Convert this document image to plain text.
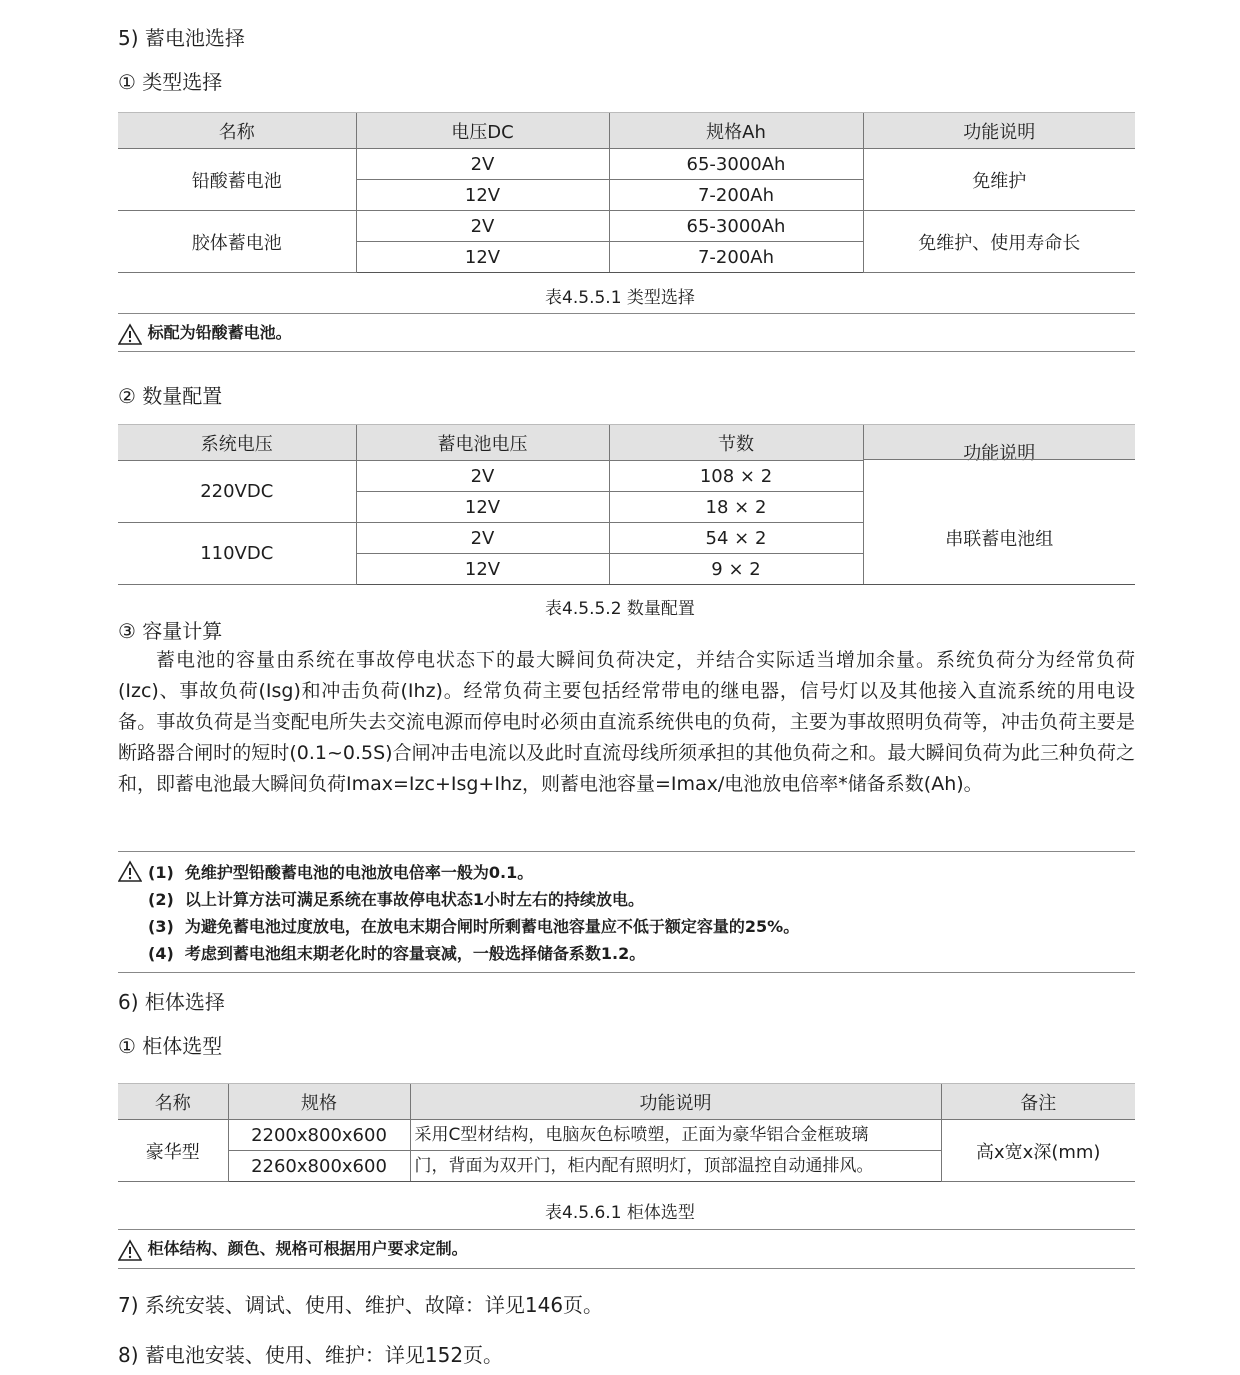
5) 蓄电池选择
① 类型选择
名称	电压DC	规格Ah	功能说明
铅酸蓄电池	2V	65-3000Ah	免维护
	12V	7-200Ah	
胶体蓄电池	2V	65-3000Ah	免维护、使用寿命长
	12V	7-200Ah	
表4.5.5.1 类型选择
标配为铅酸蓄电池。
② 数量配置
系统电压	蓄电池电压	节数	功能说明
串联蓄电池组

220VDC	2V	108 × 2	
	12V	18 × 2	
110VDC	2V	54 × 2	
	12V	9 × 2	
表4.5.5.2 数量配置
③ 容量计算
蓄电池的容量由系统在事故停电状态下的最大瞬间负荷决定，并结合实际适当增加余量。系统负荷分为经常负荷(Izc)、事故负荷(Isg)和冲击负荷(Ihz)。经常负荷主要包括经常带电的继电器，信号灯以及其他接入直流系统的用电设备。事故负荷是当变配电所失去交流电源而停电时必须由直流系统供电的负荷，主要为事故照明负荷等，冲击负荷主要是断路器合闸时的短时(0.1~0.5S)合闸冲击电流以及此时直流母线所须承担的其他负荷之和。最大瞬间负荷为此三种负荷之和，即蓄电池最大瞬间负荷Imax=Izc+Isg+Ihz，则蓄电池容量=Imax/电池放电倍率*储备系数(Ah)。
(1) 免维护型铅酸蓄电池的电池放电倍率一般为0.1。
(2) 以上计算方法可满足系统在事故停电状态1小时左右的持续放电。
(3) 为避免蓄电池过度放电，在放电末期合闸时所剩蓄电池容量应不低于额定容量的25%。
(4) 考虑到蓄电池组末期老化时的容量衰减，一般选择储备系数1.2。
6) 柜体选择
① 柜体选型
名称	规格	功能说明	备注
豪华型	2200x800x600	采用C型材结构，电脑灰色标喷塑，正面为豪华铝合金框玻璃	高x宽x深(mm)
	2260x800x600	门，背面为双开门，柜内配有照明灯，顶部温控自动通排风。	
表4.5.6.1 柜体选型
柜体结构、颜色、规格可根据用户要求定制。
7) 系统安装、调试、使用、维护、故障：详见146页。
8) 蓄电池安装、使用、维护：详见152页。
